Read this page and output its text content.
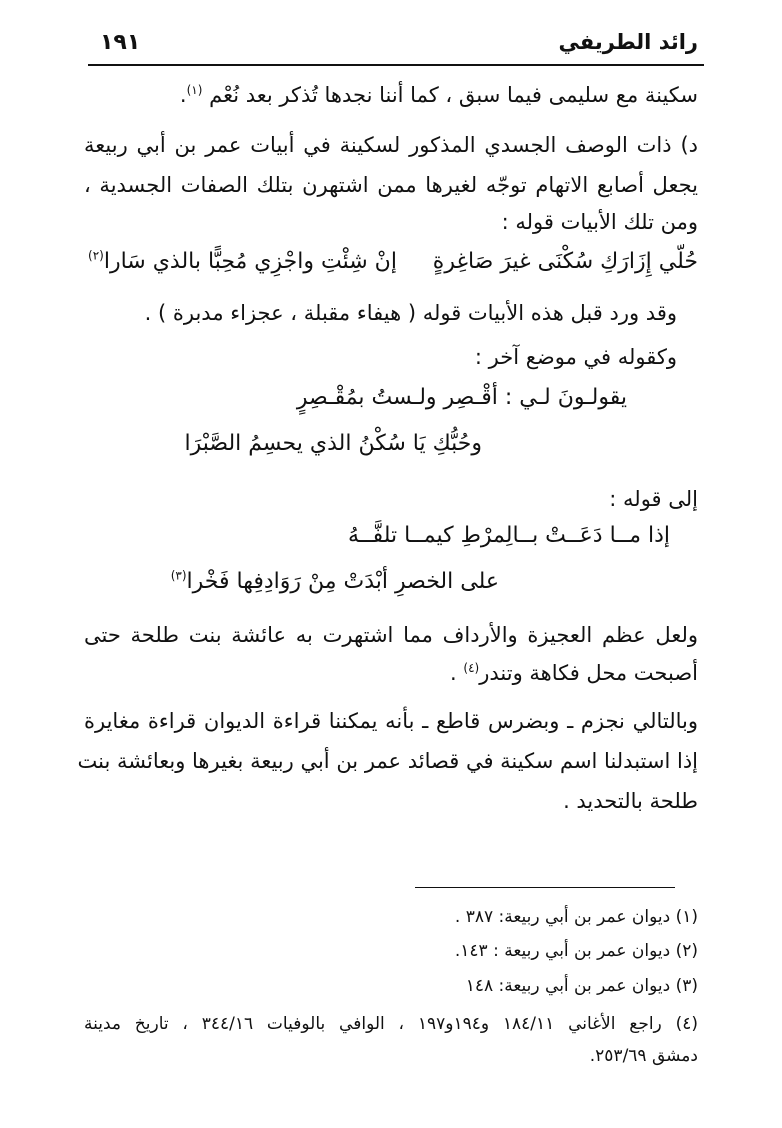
رائد الطريفي
١٩١
سكينة مع سليمى فيما سبق ، كما أننا نجدها تُذكر بعد نُعْم $^{(١)}$.
د) ذات الوصف الجسدي المذكور لسكينة في أبيات عمر بن أبي ربيعة
يجعل أصابع الاتهام توجّه لغيرها ممن اشتهرن بتلك الصفات الجسدية ،
ومن تلك الأبيات قوله :
حُلّي إِزَارَكِ سُكْنَى غيرَ صَاغِرةٍ
إنْ شِئْتِ واجْزِي مُحِبًّا بالذي سَارا$^{(٢)}$
وقد ورد قبل هذه الأبيات قوله ( هيفاء مقبلة ، عجزاء مدبرة ) .
وكقوله في موضع آخر :
يقولـونَ لـي : أقْـصِر ولـستُ بمُقْـصِرٍ
وحُبُّكِ يَا سُكْنُ الذي يحسِمُ الصَّبْرَا
إلى قوله :
إذا مــا دَعَــتْ بــالِمرْطِ كيمــا تلفَّــهُ
على الخصرِ أبْدَتْ مِنْ رَوَادِفِها فَخْرا$^{(٣)}$
ولعل عظم العجيزة والأرداف مما اشتهرت به عائشة بنت طلحة حتى
أصبحت محل فكاهة وتندر$^{(٤)}$ .
وبالتالي نجزم ـ وبضرس قاطع ـ بأنه يمكننا قراءة الديوان قراءة مغايرة
إذا استبدلنا اسم سكينة في قصائد عمر بن أبي ربيعة بغيرها وبعائشة بنت
طلحة بالتحديد .
(١) ديوان عمر بن أبي ربيعة: ٣٨٧ .
(٢) ديوان عمر بن أبي ربيعة : ١٤٣.
(٣) ديوان عمر بن أبي ربيعة: ١٤٨
(٤) راجع الأغاني ١٨٤/١١ و١٩٤و١٩٧ ، الوافي بالوفيات ٣٤٤/١٦ ، تاريخ مدينة
دمشق ٢٥٣/٦٩.
